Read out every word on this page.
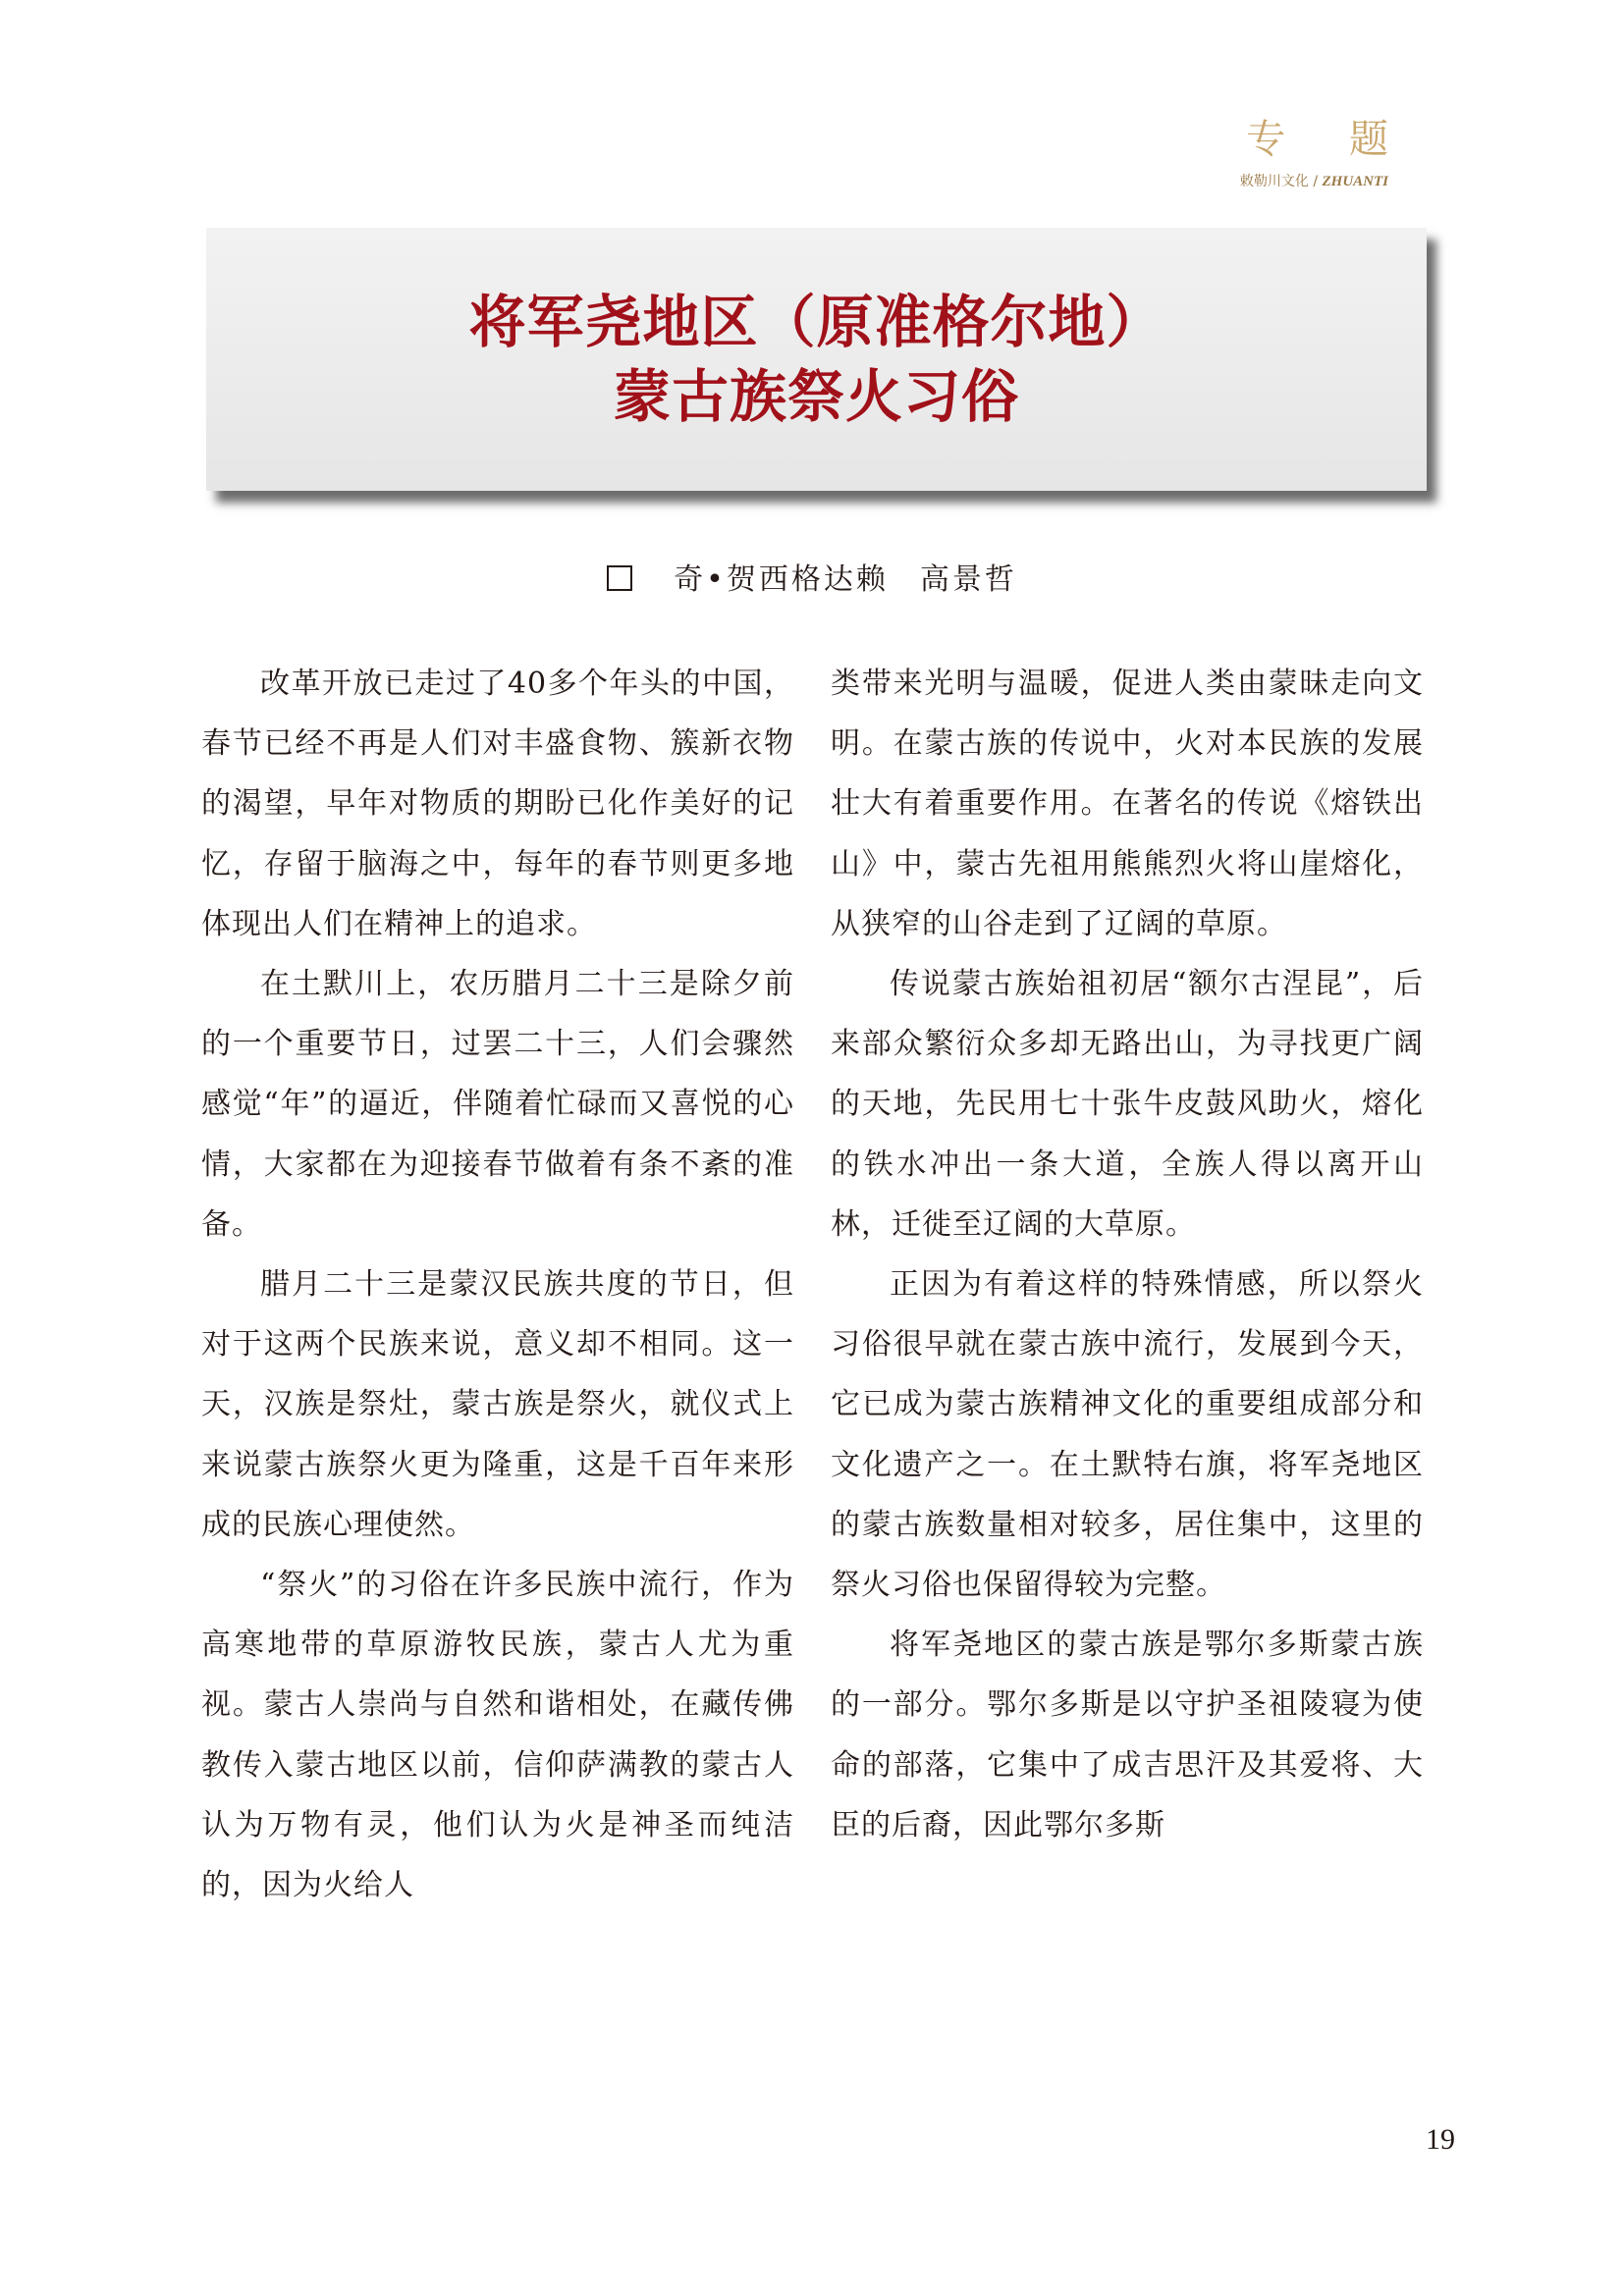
专 题
敕勒川文化 / ZHUANTI
将军尧地区（原准格尔地）
蒙古族祭火习俗
奇•贺西格达赖 高景哲

改革开放已走过了40多个年头的中国，春节已经不再是人们对丰盛食物、簇新衣物的渴望，早年对物质的期盼已化作美好的记忆，存留于脑海之中，每年的春节则更多地体现出人们在精神上的追求。

在土默川上，农历腊月二十三是除夕前的一个重要节日，过罢二十三，人们会骤然感觉“年”的逼近，伴随着忙碌而又喜悦的心情，大家都在为迎接春节做着有条不紊的准备。

腊月二十三是蒙汉民族共度的节日，但对于这两个民族来说，意义却不相同。这一天，汉族是祭灶，蒙古族是祭火，就仪式上来说蒙古族祭火更为隆重，这是千百年来形成的民族心理使然。

“祭火”的习俗在许多民族中流行，作为高寒地带的草原游牧民族，蒙古人尤为重视。蒙古人崇尚与自然和谐相处，在藏传佛教传入蒙古地区以前，信仰萨满教的蒙古人认为万物有灵，他们认为火是神圣而纯洁的，因为火给人

类带来光明与温暖，促进人类由蒙昧走向文明。在蒙古族的传说中，火对本民族的发展壮大有着重要作用。在著名的传说《熔铁出山》中，蒙古先祖用熊熊烈火将山崖熔化，从狭窄的山谷走到了辽阔的草原。

传说蒙古族始祖初居“额尔古涅昆”，后来部众繁衍众多却无路出山，为寻找更广阔的天地，先民用七十张牛皮鼓风助火，熔化的铁水冲出一条大道，全族人得以离开山林，迁徙至辽阔的大草原。

正因为有着这样的特殊情感，所以祭火习俗很早就在蒙古族中流行，发展到今天，它已成为蒙古族精神文化的重要组成部分和文化遗产之一。在土默特右旗，将军尧地区的蒙古族数量相对较多，居住集中，这里的祭火习俗也保留得较为完整。

将军尧地区的蒙古族是鄂尔多斯蒙古族的一部分。鄂尔多斯是以守护圣祖陵寝为使命的部落，它集中了成吉思汗及其爱将、大臣的后裔，因此鄂尔多斯

19
